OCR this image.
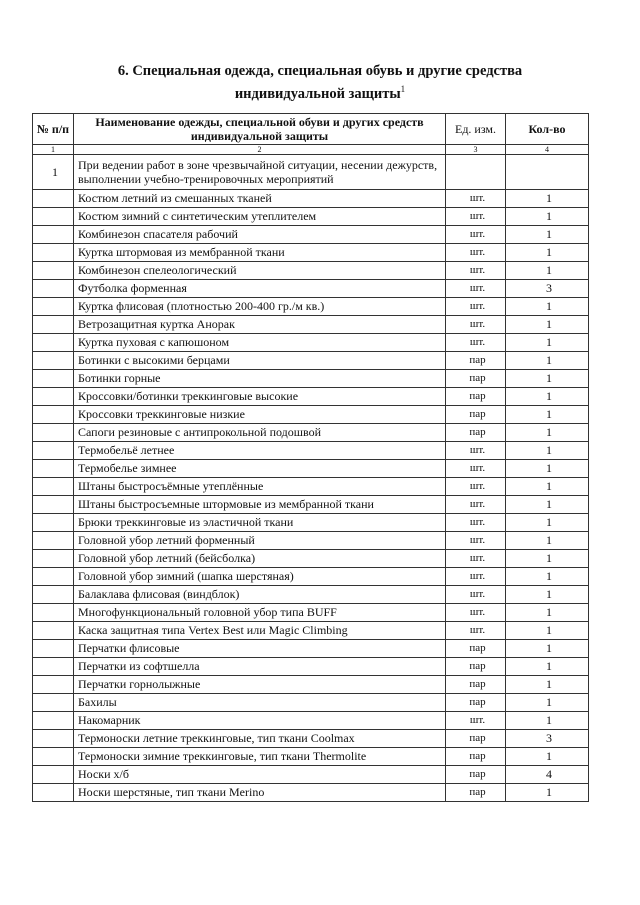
6. Специальная одежда, специальная обувь и другие средства
индивидуальной защиты$^1$
№ п/п	Наименование одежды, специальной обуви и других средств индивидуальной защиты	Ед. изм.	Кол-во
1	2	3	4
1	При ведении работ в зоне чрезвычайной ситуации, несении дежурств, выполнении учебно-тренировочных мероприятий		
	Костюм летний из смешанных тканей	шт.	1
	Костюм зимний с синтетическим утеплителем	шт.	1
	Комбинезон спасателя рабочий	шт.	1
	Куртка штормовая из мембранной ткани	шт.	1
	Комбинезон спелеологический	шт.	1
	Футболка форменная	шт.	3
	Куртка флисовая (плотностью 200-400 гр./м кв.)	шт.	1
	Ветрозащитная куртка Анорак	шт.	1
	Куртка пуховая с капюшоном	шт.	1
	Ботинки с высокими берцами	пар	1
	Ботинки горные	пар	1
	Кроссовки/ботинки треккинговые высокие	пар	1
	Кроссовки треккинговые низкие	пар	1
	Сапоги резиновые с антипрокольной подошвой	пар	1
	Термобельё летнее	шт.	1
	Термобелье зимнее	шт.	1
	Штаны быстросъёмные утеплённые	шт.	1
	Штаны быстросъемные штормовые из мембранной ткани	шт.	1
	Брюки треккинговые из эластичной ткани	шт.	1
	Головной убор летний форменный	шт.	1
	Головной убор летний (бейсболка)	шт.	1
	Головной убор зимний (шапка шерстяная)	шт.	1
	Балаклава флисовая (виндблок)	шт.	1
	Многофункциональный головной убор типа BUFF	шт.	1
	Каска защитная типа Vertex Best или Magic Climbing	шт.	1
	Перчатки флисовые	пар	1
	Перчатки из софтшелла	пар	1
	Перчатки горнолыжные	пар	1
	Бахилы	пар	1
	Накомарник	шт.	1
	Термоноски летние треккинговые, тип ткани Coolmax	пар	3
	Термоноски зимние треккинговые, тип ткани Thermolite	пар	1
	Носки х/б	пар	4
	Носки шерстяные, тип ткани Merino	пар	1
